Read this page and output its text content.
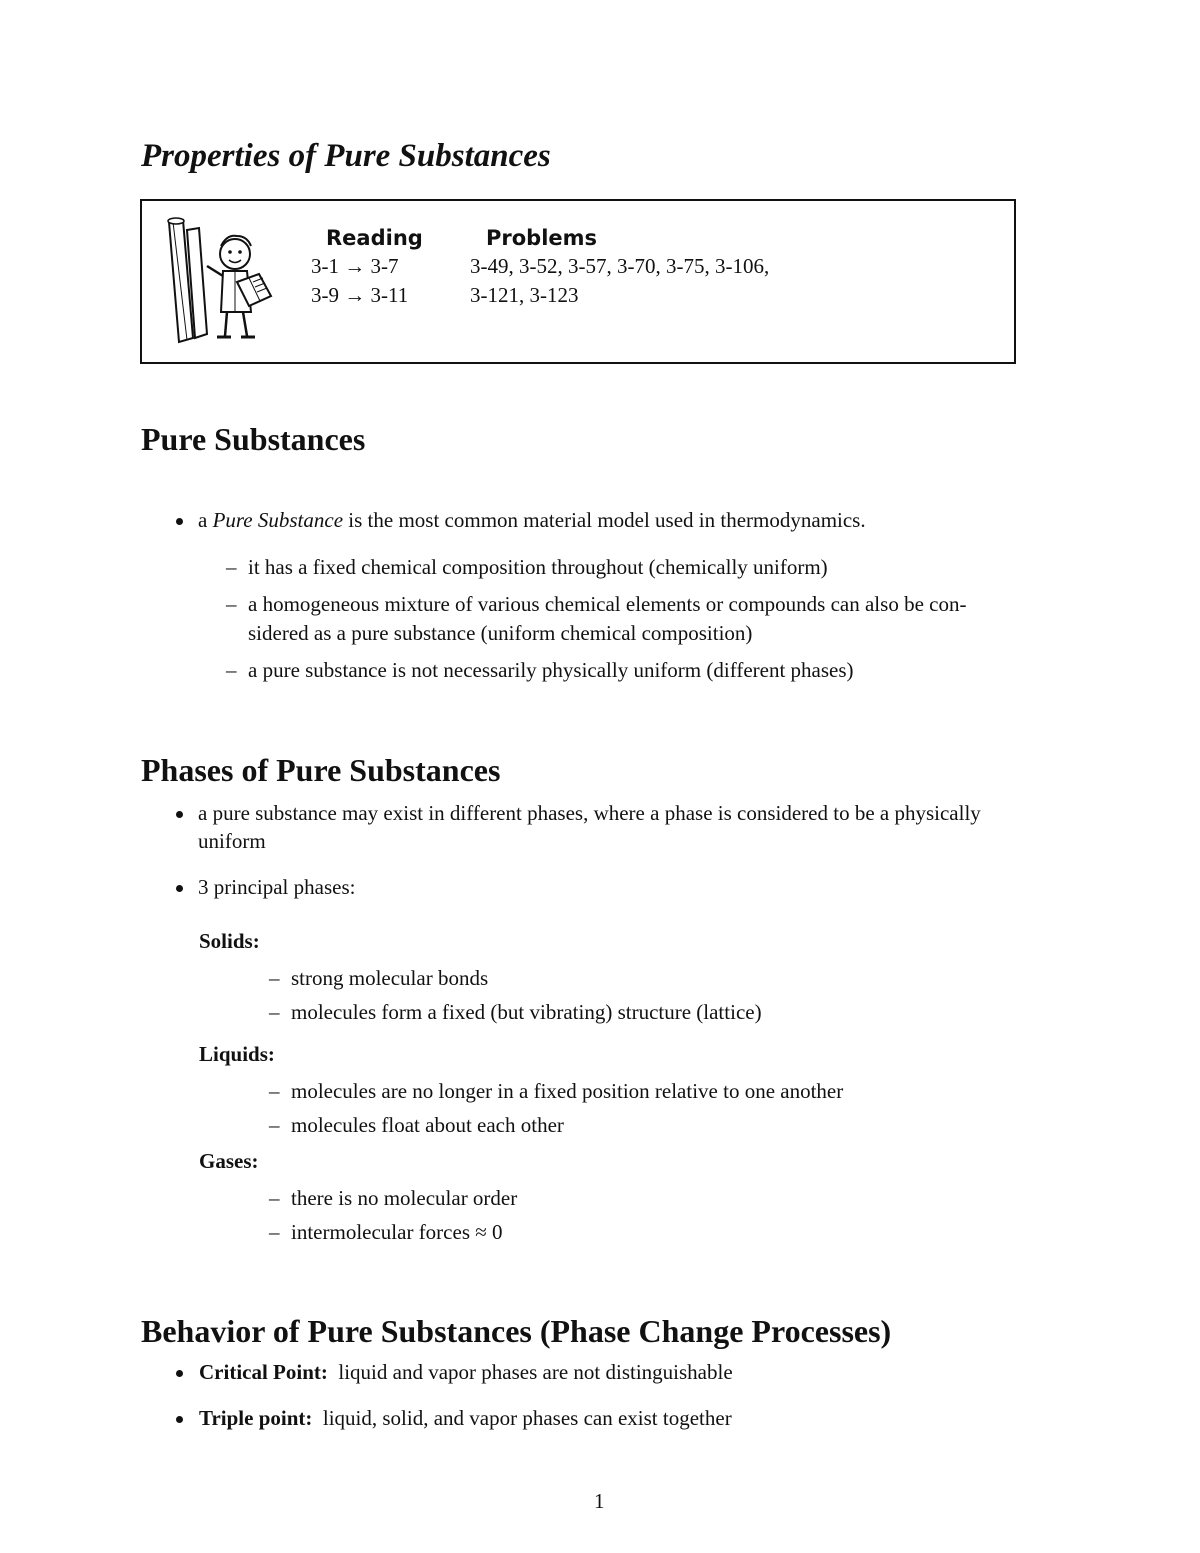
Properties of Pure Substances
Reading	Problems
3-1 → 3-7
3-9 → 3-11
3-49, 3-52, 3-57, 3-70, 3-75, 3-106,
3-121, 3-123
Pure Substances
a Pure Substance is the most common material model used in thermodynamics.
– it has a fixed chemical composition throughout (chemically uniform)
– a homogeneous mixture of various chemical elements or compounds can also be con-
sidered as a pure substance (uniform chemical composition)
– a pure substance is not necessarily physically uniform (different phases)
Phases of Pure Substances
a pure substance may exist in different phases, where a phase is considered to be a physically
uniform
3 principal phases:
Solids:
– strong molecular bonds
– molecules form a fixed (but vibrating) structure (lattice)
Liquids:
– molecules are no longer in a fixed position relative to one another
– molecules float about each other
Gases:
– there is no molecular order
– intermolecular forces ≈ 0
Behavior of Pure Substances (Phase Change Processes)
Critical Point: liquid and vapor phases are not distinguishable
Triple point: liquid, solid, and vapor phases can exist together
1
